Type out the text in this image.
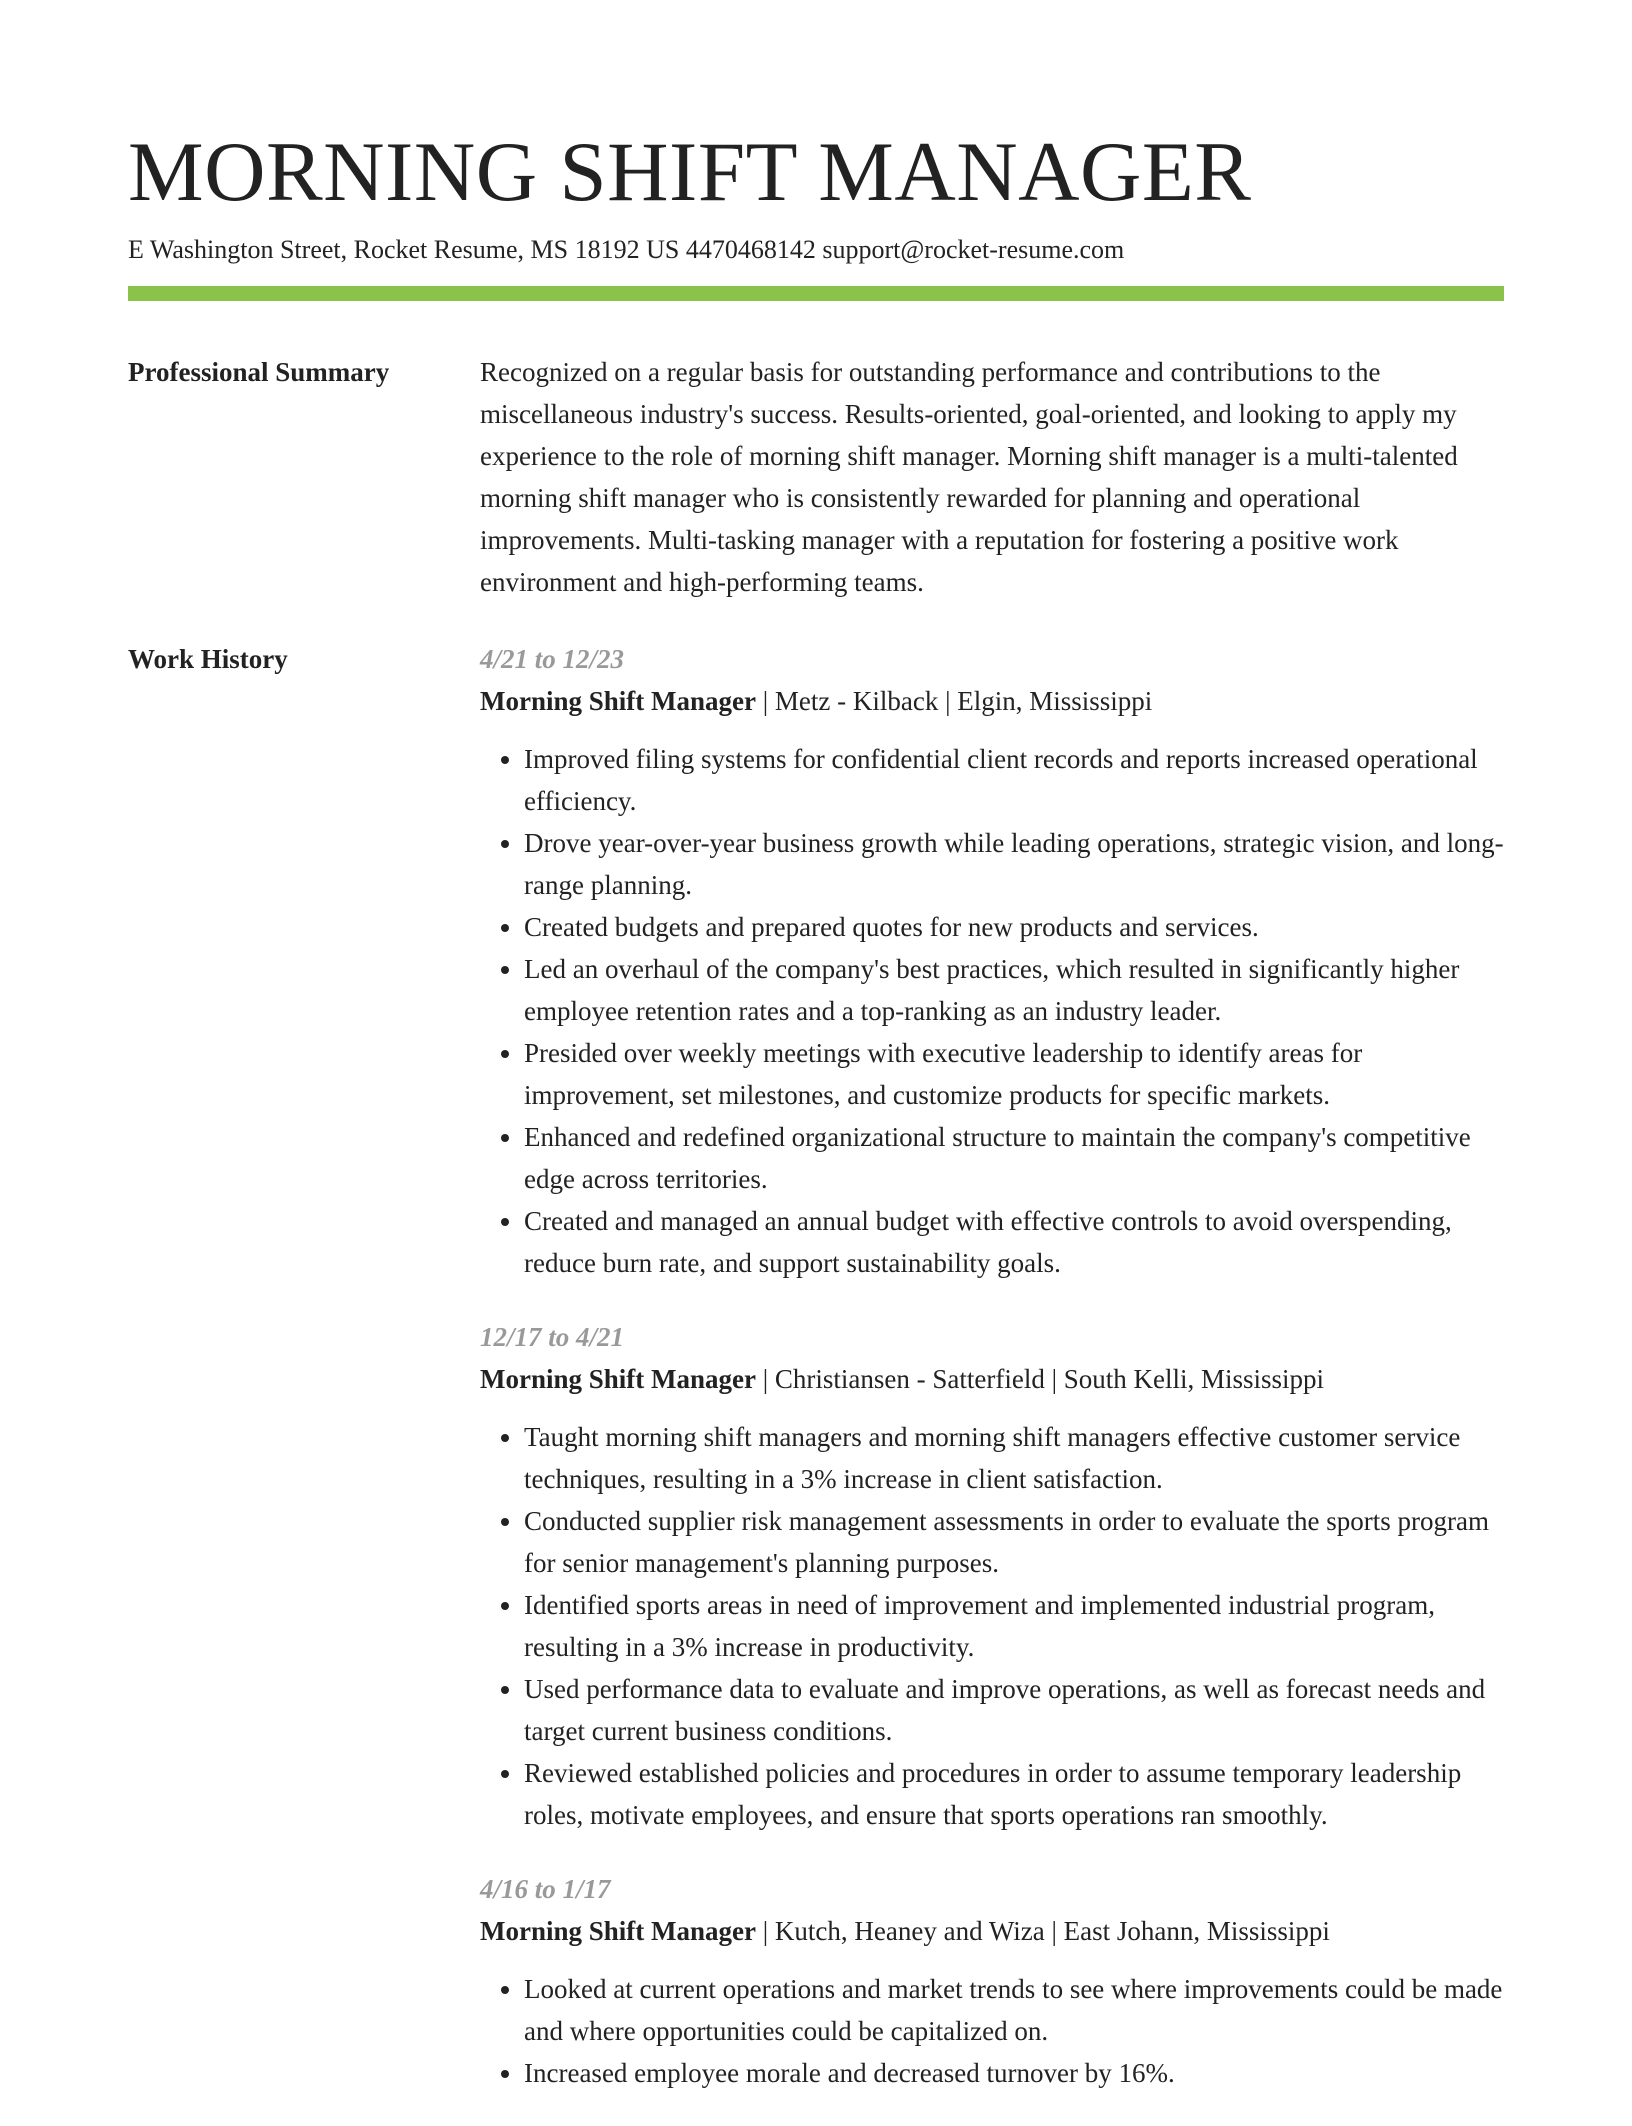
MORNING SHIFT MANAGER
E Washington Street, Rocket Resume, MS 18192 US 4470468142 support@rocket-resume.com
Professional Summary	Recognized on a regular basis for outstanding performance and contributions to the miscellaneous industry's success. Results-oriented, goal-oriented, and looking to apply my experience to the role of morning shift manager. Morning shift manager is a multi-talented morning shift manager who is consistently rewarded for planning and operational improvements. Multi-tasking manager with a reputation for fostering a positive work environment and high-performing teams.

Work History	4/21 to 12/23
Morning Shift Manager | Metz - Kilback | Elgin, Mississippi
• Improved filing systems for confidential client records and reports increased operational efficiency.
• Drove year-over-year business growth while leading operations, strategic vision, and long-range planning.
• Created budgets and prepared quotes for new products and services.
• Led an overhaul of the company's best practices, which resulted in significantly higher employee retention rates and a top-ranking as an industry leader.
• Presided over weekly meetings with executive leadership to identify areas for improvement, set milestones, and customize products for specific markets.
• Enhanced and redefined organizational structure to maintain the company's competitive edge across territories.
• Created and managed an annual budget with effective controls to avoid overspending, reduce burn rate, and support sustainability goals.
12/17 to 4/21
Morning Shift Manager | Christiansen - Satterfield | South Kelli, Mississippi
• Taught morning shift managers and morning shift managers effective customer service techniques, resulting in a 3% increase in client satisfaction.
• Conducted supplier risk management assessments in order to evaluate the sports program for senior management's planning purposes.
• Identified sports areas in need of improvement and implemented industrial program, resulting in a 3% increase in productivity.
• Used performance data to evaluate and improve operations, as well as forecast needs and target current business conditions.
• Reviewed established policies and procedures in order to assume temporary leadership roles, motivate employees, and ensure that sports operations ran smoothly.
4/16 to 1/17
Morning Shift Manager | Kutch, Heaney and Wiza | East Johann, Mississippi
• Looked at current operations and market trends to see where improvements could be made and where opportunities could be capitalized on.
• Increased employee morale and decreased turnover by 16%.
